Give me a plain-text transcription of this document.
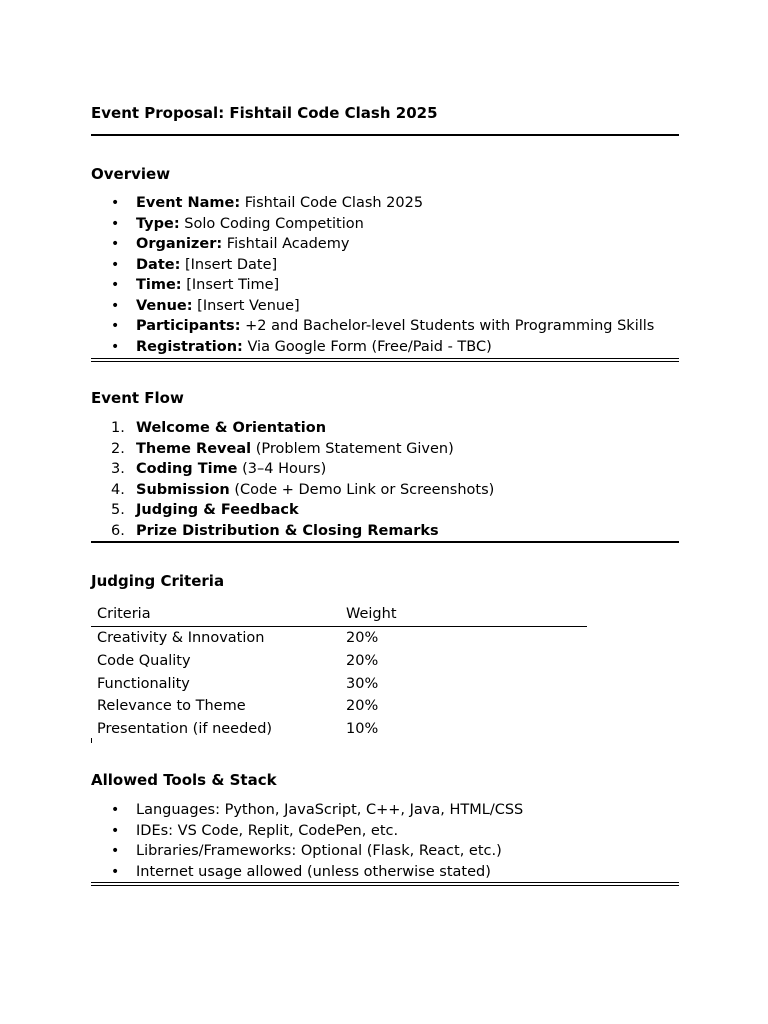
Event Proposal: Fishtail Code Clash 2025
Overview
• Event Name: Fishtail Code Clash 2025
• Type: Solo Coding Competition
• Organizer: Fishtail Academy
• Date: [Insert Date]
• Time: [Insert Time]
• Venue: [Insert Venue]
• Participants: +2 and Bachelor-level Students with Programming Skills
• Registration: Via Google Form (Free/Paid - TBC)
Event Flow
1. Welcome & Orientation
2. Theme Reveal (Problem Statement Given)
3. Coding Time (3–4 Hours)
4. Submission (Code + Demo Link or Screenshots)
5. Judging & Feedback
6. Prize Distribution & Closing Remarks
Judging Criteria
Criteria	Weight
Creativity & Innovation	20%
Code Quality	20%
Functionality	30%
Relevance to Theme	20%
Presentation (if needed)	10%
Allowed Tools & Stack
• Languages: Python, JavaScript, C++, Java, HTML/CSS
• IDEs: VS Code, Replit, CodePen, etc.
• Libraries/Frameworks: Optional (Flask, React, etc.)
• Internet usage allowed (unless otherwise stated)
